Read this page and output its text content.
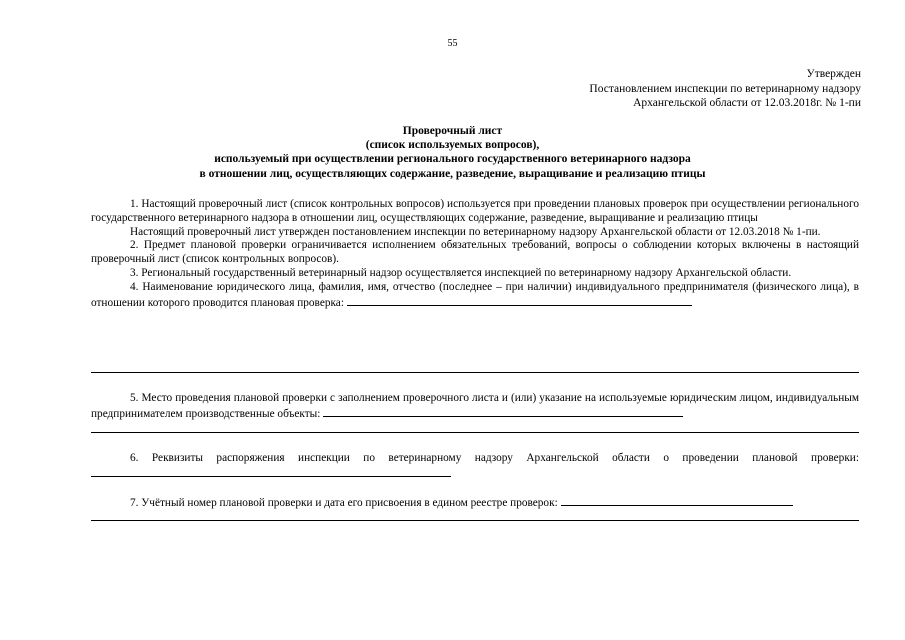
55
Утвержден
Постановлением инспекции по ветеринарному надзору
Архангельской области от 12.03.2018г. № 1-пи
Проверочный лист
(список используемых вопросов),
используемый при осуществлении регионального государственного ветеринарного надзора
в отношении лиц, осуществляющих содержание, разведение, выращивание и реализацию птицы

1. Настоящий проверочный лист (список контрольных вопросов) используется при проведении плановых проверок при осуществлении регионального государственного ветеринарного надзора в отношении лиц, осуществляющих содержание, разведение, выращивание и реализацию птицы

Настоящий проверочный лист утвержден постановлением инспекции по ветеринарному надзору Архангельской области от 12.03.2018 № 1-пи.

2. Предмет плановой проверки ограничивается исполнением обязательных требований, вопросы о соблюдении которых включены в настоящий проверочный лист (список контрольных вопросов).

3. Региональный государственный ветеринарный надзор осуществляется инспекцией по ветеринарному надзору Архангельской области.

4. Наименование юридического лица, фамилия, имя, отчество (последнее – при наличии) индивидуального предпринимателя (физического лица), в отношении которого проводится плановая проверка:

5. Место проведения плановой проверки с заполнением проверочного листа и (или) указание на используемые юридическим лицом, индивидуальным предпринимателем производственные объекты:

6. Реквизиты распоряжения инспекции по ветеринарному надзору Архангельской области о проведении плановой проверки:

7. Учётный номер плановой проверки и дата его присвоения в едином реестре проверок:
